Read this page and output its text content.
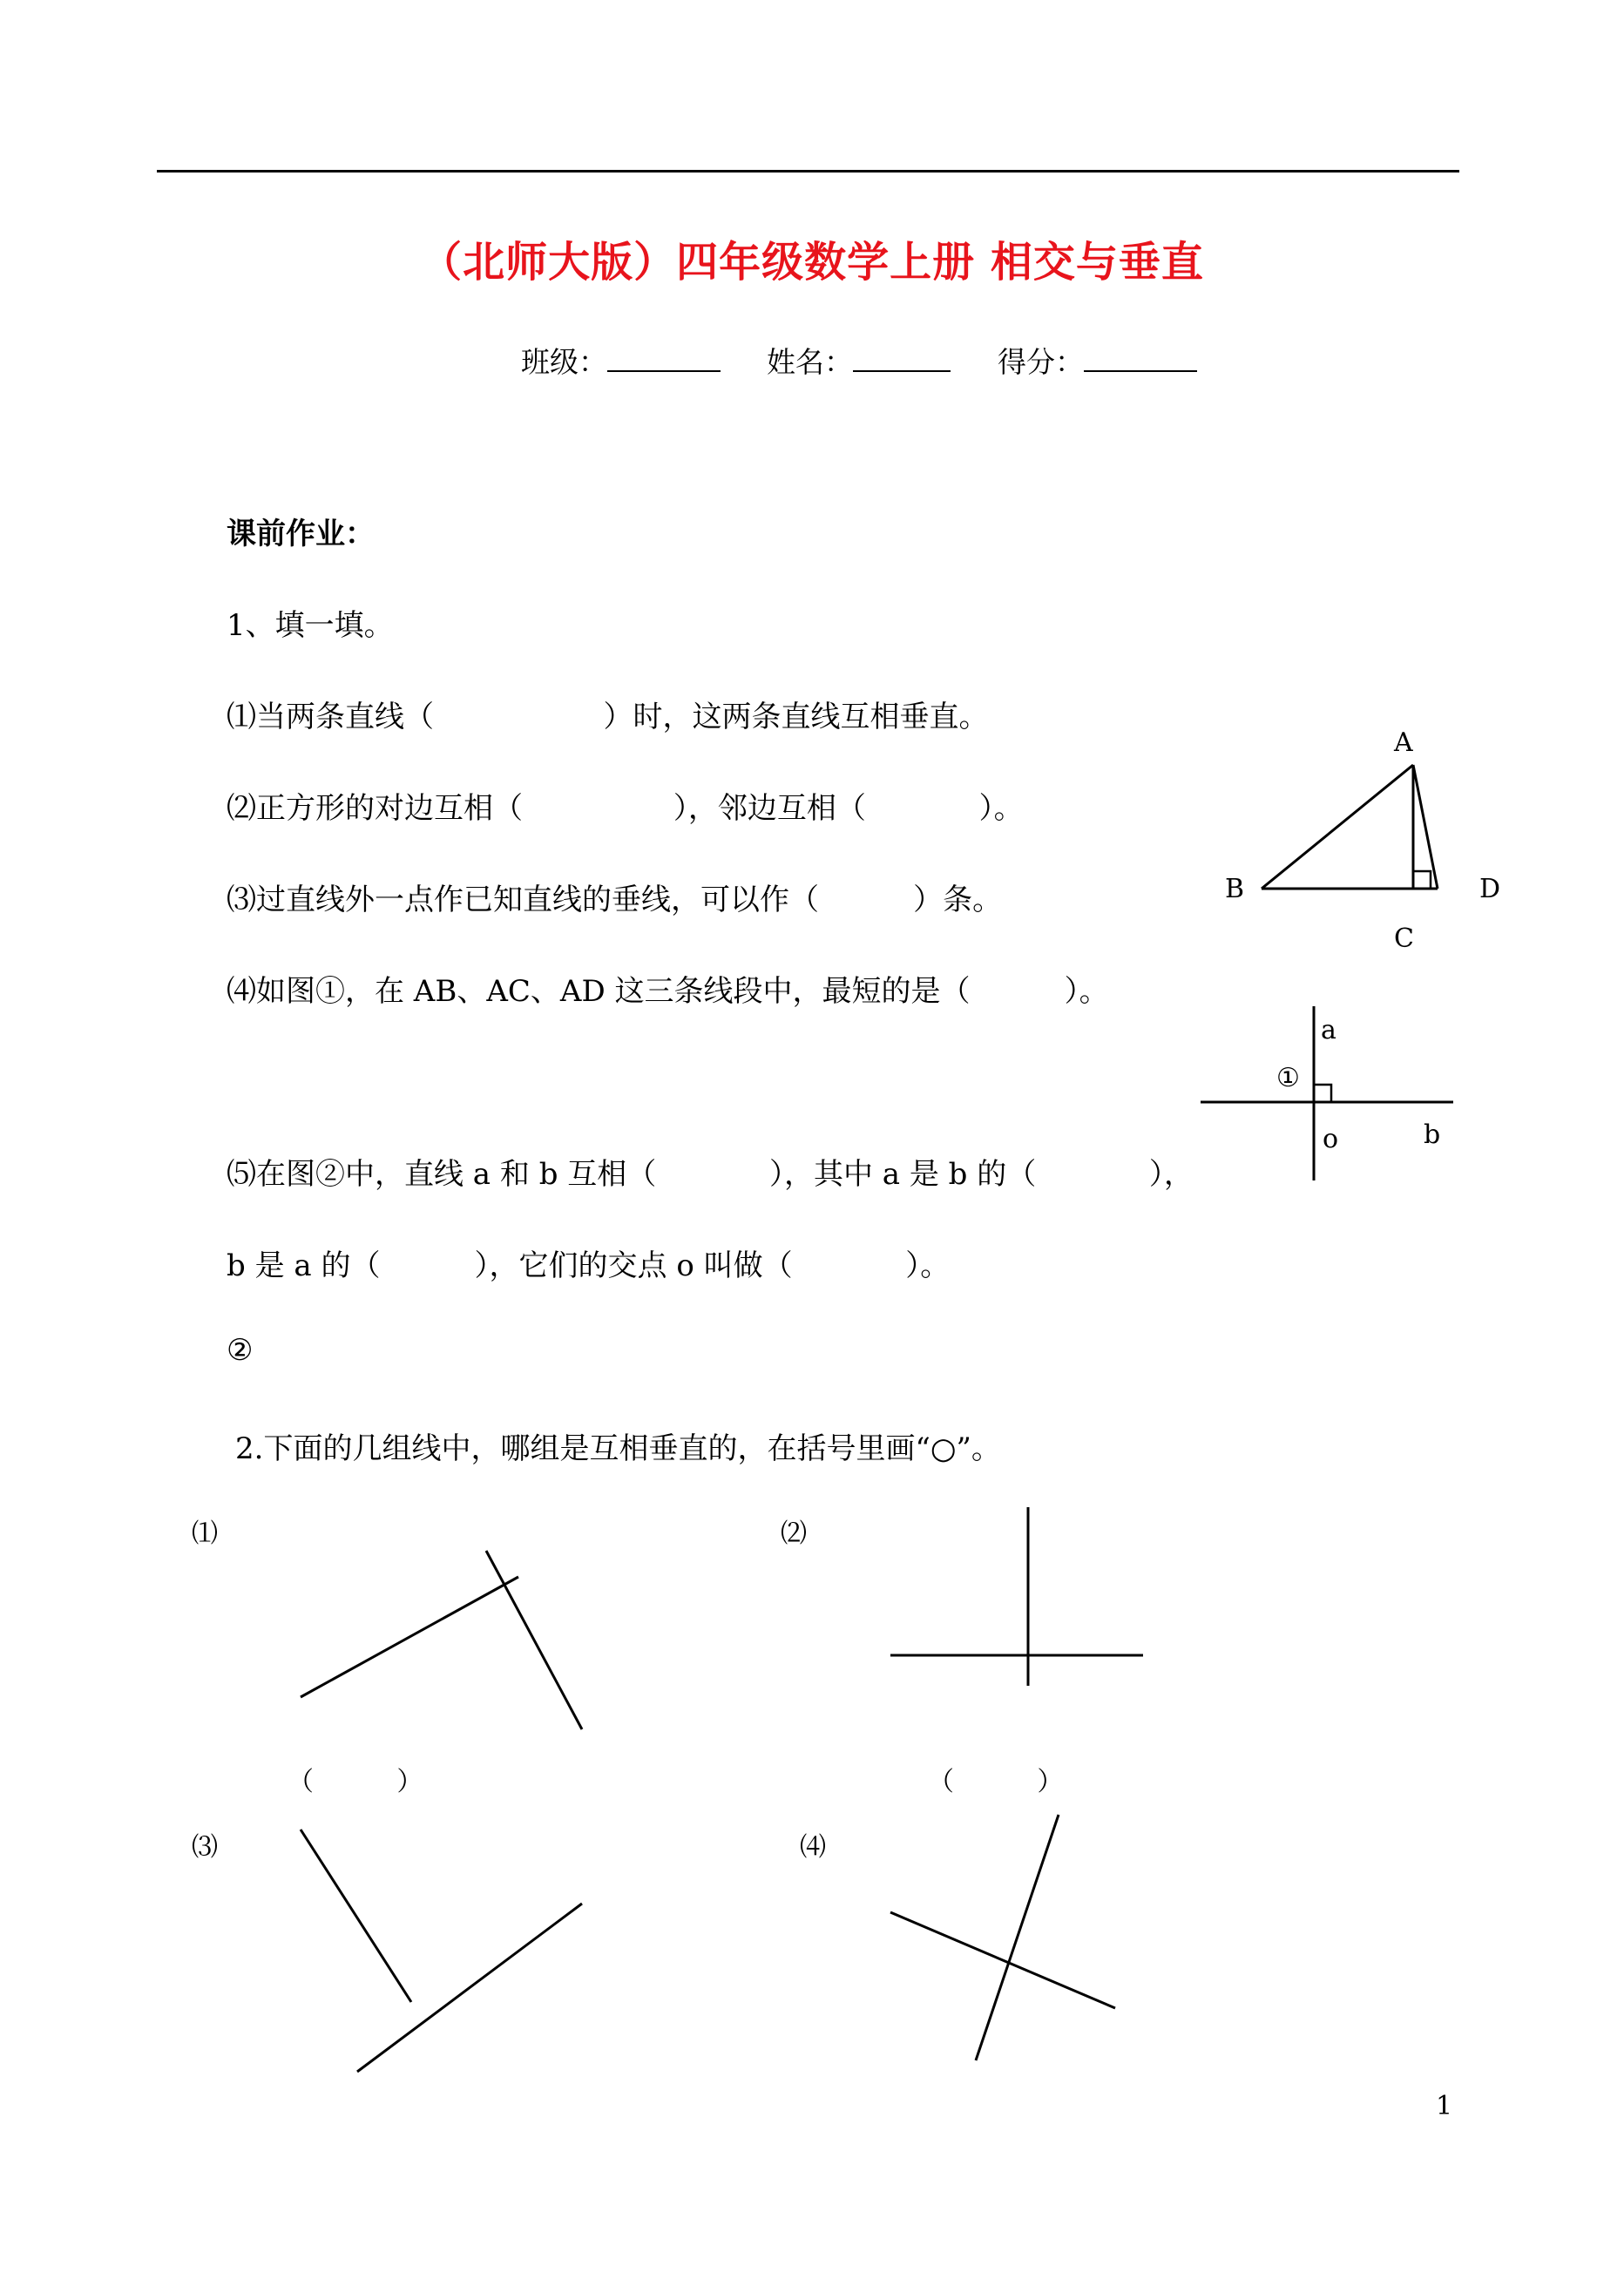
（北师大版）四年级数学上册 相交与垂直
班级：	姓名：	得分：
课前作业：
1、填一填。
⑴当两条直线（                  ）时，这两条直线互相垂直。
⑵正方形的对边互相（                ），邻边互相（            ）。
⑶过直线外一点作已知直线的垂线，可以作（          ）条。
⑷如图①，在 AB、AC、AD 这三条线段中，最短的是（          ）。
⑸在图②中，直线 a 和 b 互相（            ），其中 a 是 b 的（            ），
b 是 a 的（          ），它们的交点 o 叫做（            ）。
②
A
B
C
D
a
①
o	b
2.下面的几组线中，哪组是互相垂直的，在括号里画“○”。
⑴	⑵
⑶	⑷
（          ）	（          ）
1
